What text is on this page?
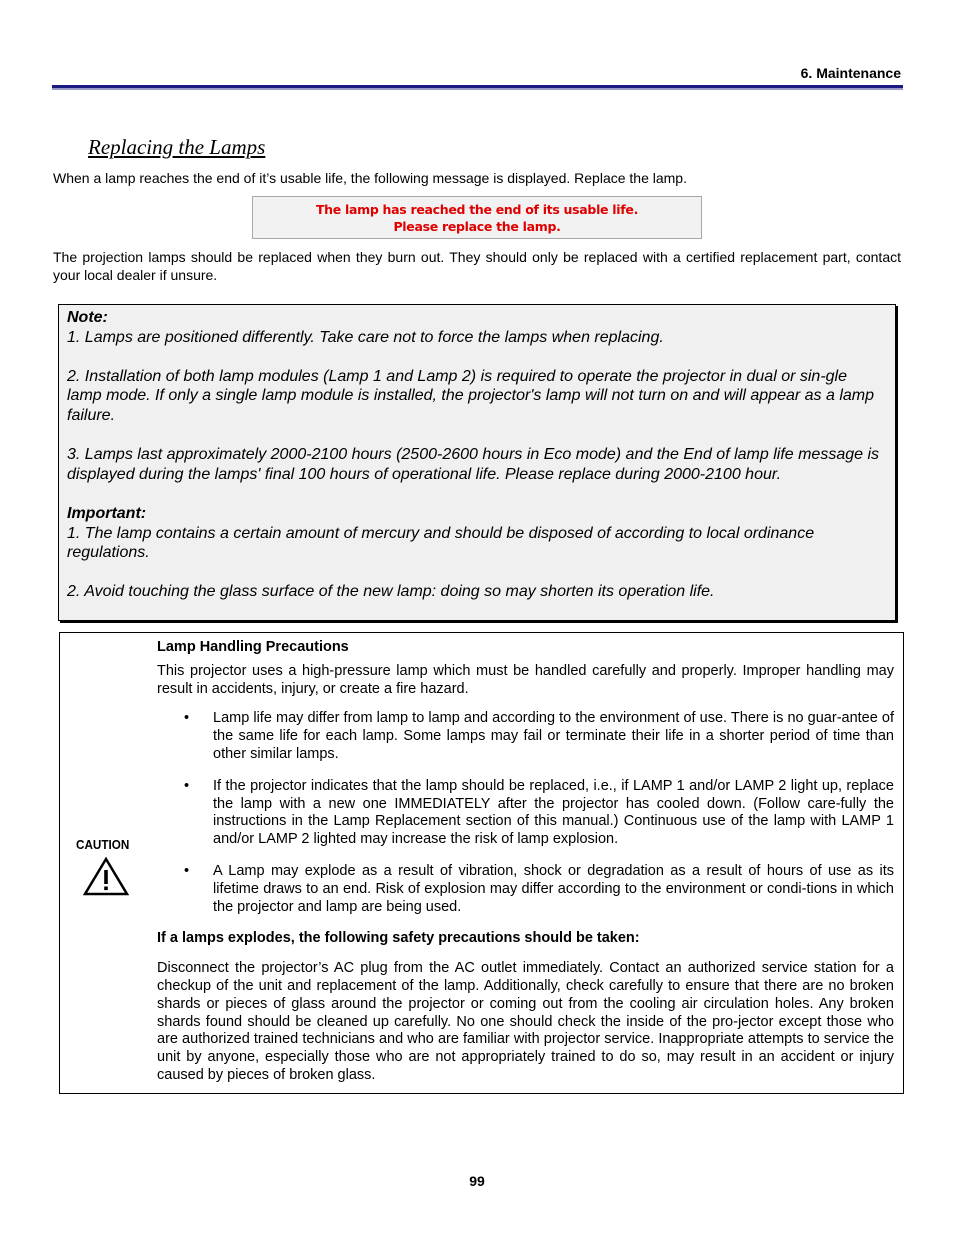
6. Maintenance
Replacing the Lamps
When a lamp reaches the end of it’s usable life, the following message is displayed. Replace the lamp.
The lamp has reached the end of its usable life.
Please replace the lamp.
The projection lamps should be replaced when they burn out. They should only be replaced with a certified replacement part, contact your local dealer if unsure.

Note:
1. Lamps are positioned differently. Take care not to force the lamps when replacing.

2. Installation of both lamp modules (Lamp 1 and Lamp 2) is required to operate the projector in dual or sin-gle lamp mode. If only a single lamp module is installed, the projector's lamp will not turn on and will appear as a lamp failure.

3. Lamps last approximately 2000-2100 hours (2500-2600 hours in Eco mode) and the End of lamp life message is displayed during the lamps' final 100 hours of operational life. Please replace during 2000-2100 hour.

Important:
1. The lamp contains a certain amount of mercury and should be disposed of according to local ordinance regulations.

2. Avoid touching the glass surface of the new lamp: doing so may shorten its operation life.

CAUTION
Lamp Handling Precautions

This projector uses a high-pressure lamp which must be handled carefully and properly. Improper handling may result in accidents, injury, or create a fire hazard.

• Lamp life may differ from lamp to lamp and according to the environment of use. There is no guar-antee of the same life for each lamp. Some lamps may fail or terminate their life in a shorter period of time than other similar lamps.
• If the projector indicates that the lamp should be replaced, i.e., if LAMP 1 and/or LAMP 2 light up, replace the lamp with a new one IMMEDIATELY after the projector has cooled down. (Follow care-fully the instructions in the Lamp Replacement section of this manual.) Continuous use of the lamp with LAMP 1 and/or LAMP 2 lighted may increase the risk of lamp explosion.
• A Lamp may explode as a result of vibration, shock or degradation as a result of hours of use as its lifetime draws to an end. Risk of explosion may differ according to the environment or condi-tions in which the projector and lamp are being used.
If a lamps explodes, the following safety precautions should be taken:

Disconnect the projector’s AC plug from the AC outlet immediately. Contact an authorized service station for a checkup of the unit and replacement of the lamp. Additionally, check carefully to ensure that there are no broken shards or pieces of glass around the projector or coming out from the cooling air circulation holes. Any broken shards found should be cleaned up carefully. No one should check the inside of the pro-jector except those who are authorized trained technicians and who are familiar with projector service. Inappropriate attempts to service the unit by anyone, especially those who are not appropriately trained to do so, may result in an accident or injury caused by pieces of broken glass.

99
